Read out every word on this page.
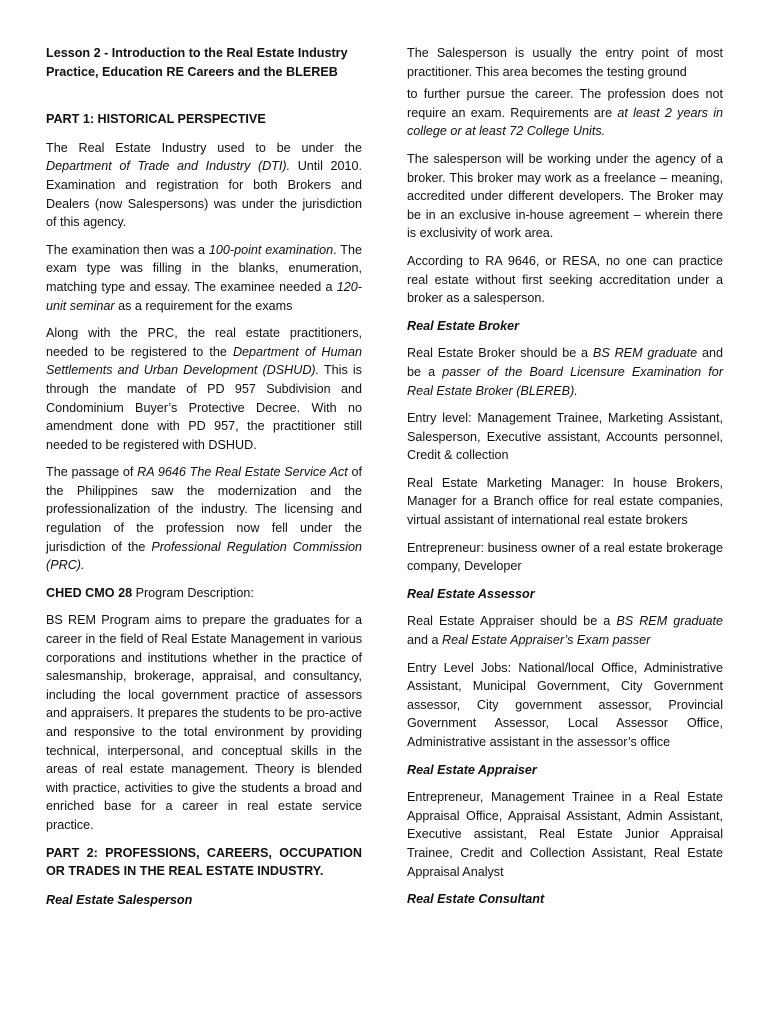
Lesson 2 - Introduction to the Real Estate Industry Practice, Education RE Careers and the BLEREB

PART 1: HISTORICAL PERSPECTIVE

The Real Estate Industry used to be under the Department of Trade and Industry (DTI). Until 2010. Examination and registration for both Brokers and Dealers (now Salespersons) was under the jurisdiction of this agency.

The examination then was a 100-point examination. The exam type was filling in the blanks, enumeration, matching type and essay. The examinee needed a 120-unit seminar as a requirement for the exams

Along with the PRC, the real estate practitioners, needed to be registered to the Department of Human Settlements and Urban Development (DSHUD). This is through the mandate of PD 957 Subdivision and Condominium Buyer’s Protective Decree. With no amendment done with PD 957, the practitioner still needed to be registered with DSHUD.

The passage of RA 9646 The Real Estate Service Act of the Philippines saw the modernization and the professionalization of the industry. The licensing and regulation of the profession now fell under the jurisdiction of the Professional Regulation Commission (PRC).

CHED CMO 28 Program Description:

BS REM Program aims to prepare the graduates for a career in the field of Real Estate Management in various corporations and institutions whether in the practice of salesmanship, brokerage, appraisal, and consultancy, including the local government practice of assessors and appraisers. It prepares the students to be pro-active and responsive to the total environment by providing technical, interpersonal, and conceptual skills in the areas of real estate management. Theory is blended with practice, activities to give the students a broad and enriched base for a career in real estate service practice.

PART 2: PROFESSIONS, CAREERS, OCCUPATION OR TRADES IN THE REAL ESTATE INDUSTRY.

Real Estate Salesperson

The Salesperson is usually the entry point of most practitioner. This area becomes the testing ground

to further pursue the career. The profession does not require an exam. Requirements are at least 2 years in college or at least 72 College Units.

The salesperson will be working under the agency of a broker. This broker may work as a freelance – meaning, accredited under different developers. The Broker may be in an exclusive in-house agreement – wherein there is exclusivity of work area.

According to RA 9646, or RESA, no one can practice real estate without first seeking accreditation under a broker as a salesperson.

Real Estate Broker

Real Estate Broker should be a BS REM graduate and be a passer of the Board Licensure Examination for Real Estate Broker (BLEREB).

Entry level: Management Trainee, Marketing Assistant, Salesperson, Executive assistant, Accounts personnel, Credit & collection

Real Estate Marketing Manager: In house Brokers, Manager for a Branch office for real estate companies, virtual assistant of international real estate brokers

Entrepreneur: business owner of a real estate brokerage company, Developer

Real Estate Assessor

Real Estate Appraiser should be a BS REM graduate and a Real Estate Appraiser’s Exam passer

Entry Level Jobs: National/local Office, Administrative Assistant, Municipal Government, City Government assessor, City government assessor, Provincial Government Assessor, Local Assessor Office, Administrative assistant in the assessor’s office

Real Estate Appraiser

Entrepreneur, Management Trainee in a Real Estate Appraisal Office, Appraisal Assistant, Admin Assistant, Executive assistant, Real Estate Junior Appraisal Trainee, Credit and Collection Assistant, Real Estate Appraisal Analyst

Real Estate Consultant
